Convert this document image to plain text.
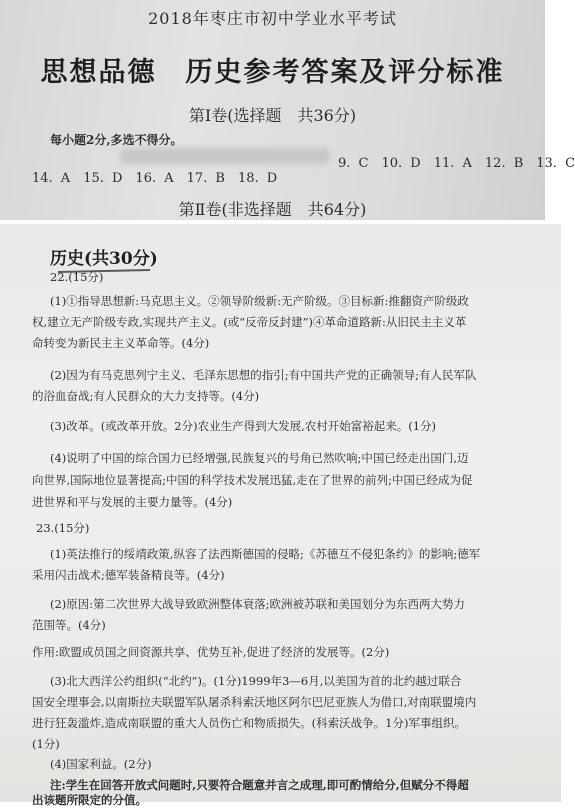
2018年枣庄市初中学业水平考试
思想品德　历史参考答案及评分标准
第Ⅰ卷(选择题　共36分)
每小题2分,多选不得分。
9. C　10. D　11. A　12. B　13. C
14. A　15. D　16. A　17. B　18. D
第Ⅱ卷(非选择题　共64分)
历史(共30分)
22.(15分)
(1)①指导思想新:马克思主义。②领导阶级新:无产阶级。③目标新:推翻资产阶级政
权,建立无产阶级专政,实现共产主义。(或“反帝反封建”)④革命道路新:从旧民主主义革
命转变为新民主主义革命等。(4分)
(2)因为有马克思列宁主义、毛泽东思想的指引;有中国共产党的正确领导;有人民军队
的浴血奋战;有人民群众的大力支持等。(4分)
(3)改革。(或改革开放。2分)农业生产得到大发展,农村开始富裕起来。(1分)
(4)说明了中国的综合国力已经增强,民族复兴的号角已然吹响;中国已经走出国门,迈
向世界,国际地位显著提高;中国的科学技术发展迅猛,走在了世界的前列;中国已经成为促
进世界和平与发展的主要力量等。(4分)
23.(15分)
(1)英法推行的绥靖政策,纵容了法西斯德国的侵略;《苏德互不侵犯条约》的影响;德军
采用闪击战术;德军装备精良等。(4分)
(2)原因:第二次世界大战导致欧洲整体衰落;欧洲被苏联和美国划分为东西两大势力
范围等。(4分)
作用:欧盟成员国之间资源共享、优势互补,促进了经济的发展等。(2分)
(3)北大西洋公约组织(“北约”)。(1分)1999年3—6月,以美国为首的北约越过联合
国安全理事会,以南斯拉夫联盟军队屠杀科索沃地区阿尔巴尼亚族人为借口,对南联盟境内
进行狂轰滥炸,造成南联盟的重大人员伤亡和物质损失。(科索沃战争。1分)军事组织。
(1分)
(4)国家利益。(2分)
注:学生在回答开放式问题时,只要符合题意并言之成理,即可酌情给分,但赋分不得超
出该题所限定的分值。
